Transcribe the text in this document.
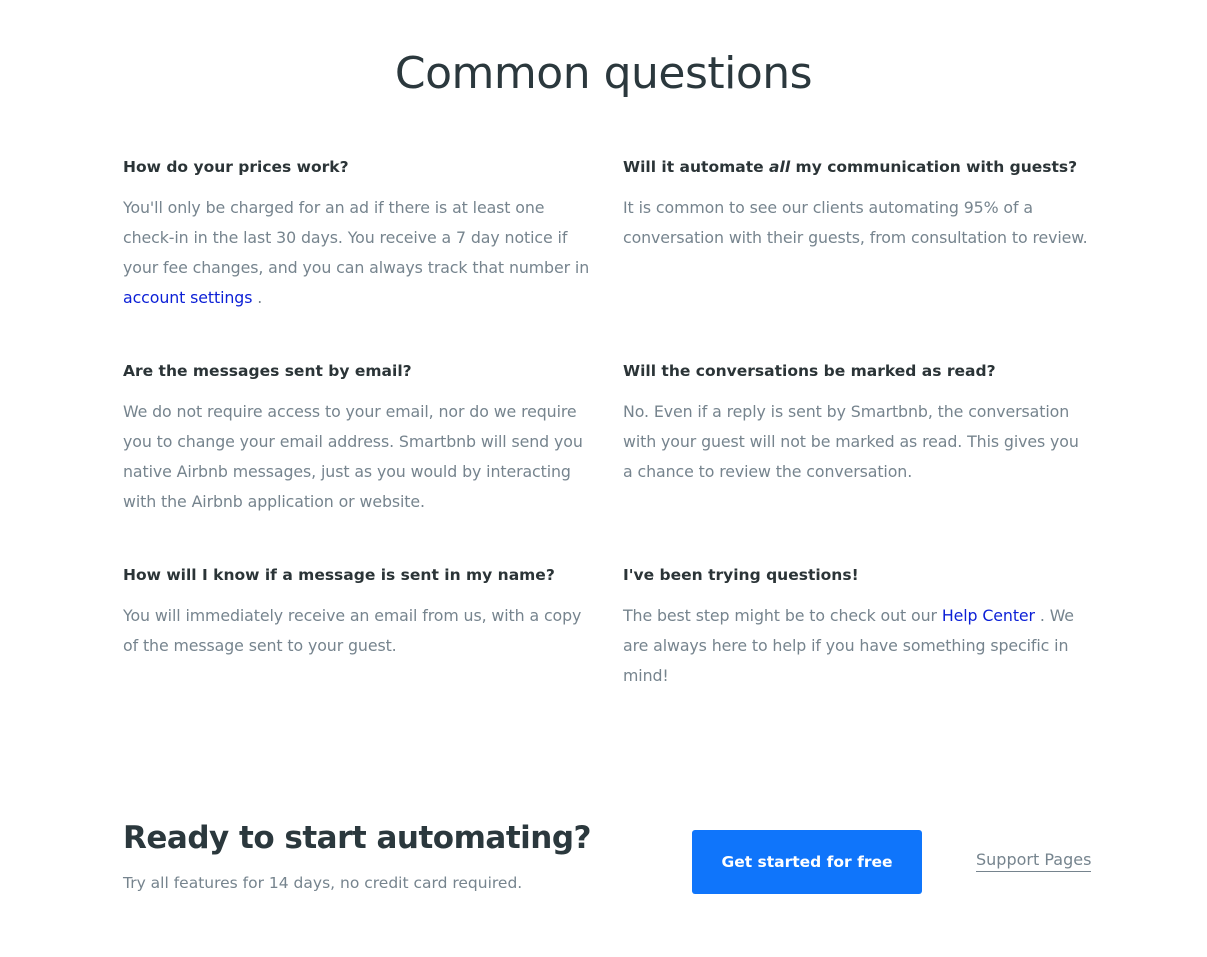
Common questions
How do your prices work?

You'll only be charged for an ad if there is at least one check-in in the last 30 days. You receive a 7 day notice if your fee changes, and you can always track that number in account settings .

Will it automate all my communication with guests?

It is common to see our clients automating 95% of a conversation with their guests, from consultation to review.

Are the messages sent by email?

We do not require access to your email, nor do we require you to change your email address. Smartbnb will send you native Airbnb messages, just as you would by interacting with the Airbnb application or website.

Will the conversations be marked as read?

No. Even if a reply is sent by Smartbnb, the conversation with your guest will not be marked as read. This gives you a chance to review the conversation.

How will I know if a message is sent in my name?

You will immediately receive an email from us, with a copy of the message sent to your guest.

I've been trying questions!

The best step might be to check out our Help Center . We are always here to help if you have something specific in mind!

Ready to start automating?

Try all features for 14 days, no credit card required.

Get started for free	Support Pages
